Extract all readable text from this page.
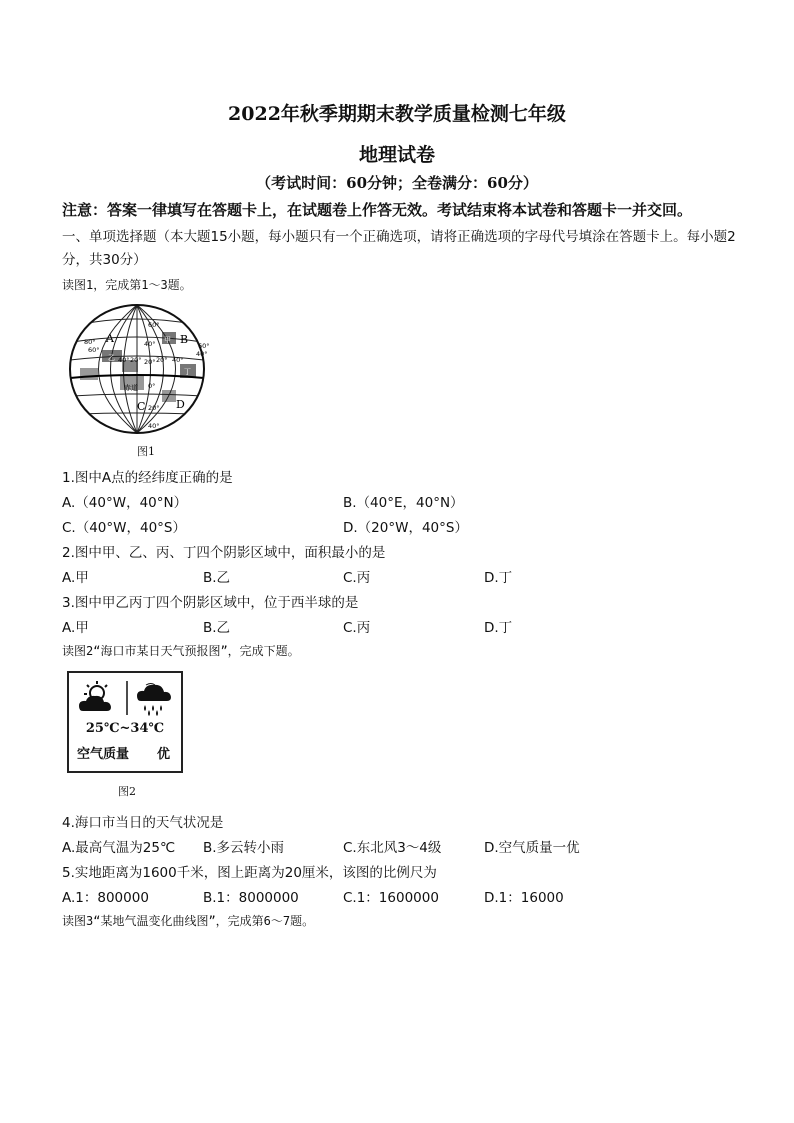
2022年秋季期期末教学质量检测七年级
地理试卷
（考试时间：60分钟；全卷满分：60分）
注意：答案一律填写在答题卡上，在试题卷上作答无效。考试结束将本试卷和答题卡一并交回。
一、单项选择题（本大题15小题，每小题只有一个正确选项，请将正确选项的字母代号填涂在答题卡上。每小题2分，共30分）
读图1，完成第1～3题。
60°
40°
20°
0°
20°
40°
80°
60°
40° 20° 20° 40°
60°
40°
赤道
A	B
C	D
甲
乙
丁
图1
1.图中A点的经纬度正确的是
A.（40°W，40°N）	B.（40°E，40°N）
C.（40°W，40°S）	D.（20°W，40°S）
2.图中甲、乙、丙、丁四个阴影区域中，面积最小的是
A.甲	B.乙	C.丙	D.丁
3.图中甲乙丙丁四个阴影区域中，位于西半球的是
A.甲	B.乙	C.丙	D.丁
读图2“海口市某日天气预报图”，完成下题。
25℃~34℃
空气质量 优
图2
4.海口市当日的天气状况是
A.最高气温为25℃ B.多云转小雨	C.东北风3～4级	D.空气质量一优
5.实地距离为1600千米，图上距离为20厘米，该图的比例尺为
A.1：800000	B.1：8000000	C.1：1600000	D.1：16000
读图3“某地气温变化曲线图”，完成第6～7题。
